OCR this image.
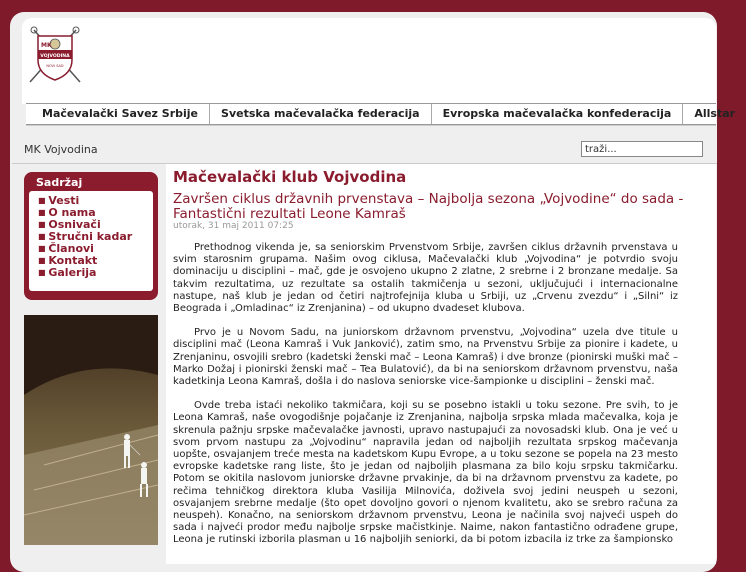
MK
VOJVODINA
NOVI SAD
Mačevalački Savez Srbije	Svetska mačevalačka federacija	Evropska mačevalačka konfederacija	Allstar
MK Vojvodina
traži...
Sadržaj
■ Vesti
■ O nama
■ Osnivači
■ Stručni kadar
■ Članovi
■ Kontakt
■ Galerija
Mačevalački klub Vojvodina
Završen ciklus državnih prvenstava – Najbolja sezona „Vojvodine“ do sada - Fantastični rezultati Leone Kamraš
utorak, 31 maj 2011 07:25

Prethodnog vikenda je, sa seniorskim Prvenstvom Srbije, završen ciklus državnih prvenstava u svim starosnim grupama. Našim ovog ciklusa, Mačevalački klub „Vojvodina“ je potvrdio svoju dominaciju u disciplini – mač, gde je osvojeno ukupno 2 zlatne, 2 srebrne i 2 bronzane medalje. Sa takvim rezultatima, uz rezultate sa ostalih takmičenja u sezoni, uključujući i internacionalne nastupe, naš klub je jedan od četiri najtrofejnija kluba u Srbiji, uz „Crvenu zvezdu“ i „Silni“ iz Beograda i „Omladinac“ iz Zrenjanina) – od ukupno dvadeset klubova.

Prvo je u Novom Sadu, na juniorskom državnom prvenstvu, „Vojvodina“ uzela dve titule u disciplini mač (Leona Kamraš i Vuk Janković), zatim smo, na Prvenstvu Srbije za pionire i kadete, u Zrenjaninu, osvojili srebro (kadetski ženski mač – Leona Kamraš) i dve bronze (pionirski muški mač – Marko Dožaj i pionirski ženski mač – Tea Bulatović), da bi na seniorskom državnom prvenstvu, naša kadetkinja Leona Kamraš, došla i do naslova seniorske vice-šampionke u disciplini – ženski mač.

Ovde treba istaći nekoliko takmičara, koji su se posebno istakli u toku sezone. Pre svih, to je Leona Kamraš, naše ovogodišnje pojačanje iz Zrenjanina, najbolja srpska mlada mačevalka, koja je skrenula pažnju srpske mačevalačke javnosti, upravo nastupajući za novosadski klub. Ona je već u svom prvom nastupu za „Vojvodinu“ napravila jedan od najboljih rezultata srpskog mačevanja uopšte, osvajanjem treće mesta na kadetskom Kupu Evrope, a u toku sezone se popela na 23 mesto evropske kadetske rang liste, što je jedan od najboljih plasmana za bilo koju srpsku takmičarku. Potom se okitila naslovom juniorske državne prvakinje, da bi na državnom prvenstvu za kadete, po rečima tehničkog direktora kluba Vasilija Milnovića, doživela svoj jedini neuspeh u sezoni, osvajanjem srebrne medalje (što opet dovoljno govori o njenom kvalitetu, ako se srebro računa za neuspeh). Konačno, na seniorskom državnom prvenstvu, Leona je načinila svoj najveći uspeh do sada i najveći prodor među najbolje srpske mačistkinje. Naime, nakon fantastično odrađene grupe, Leona je rutinski izborila plasman u 16 najboljih seniorki, da bi potom izbacila iz trke za šampionsko
